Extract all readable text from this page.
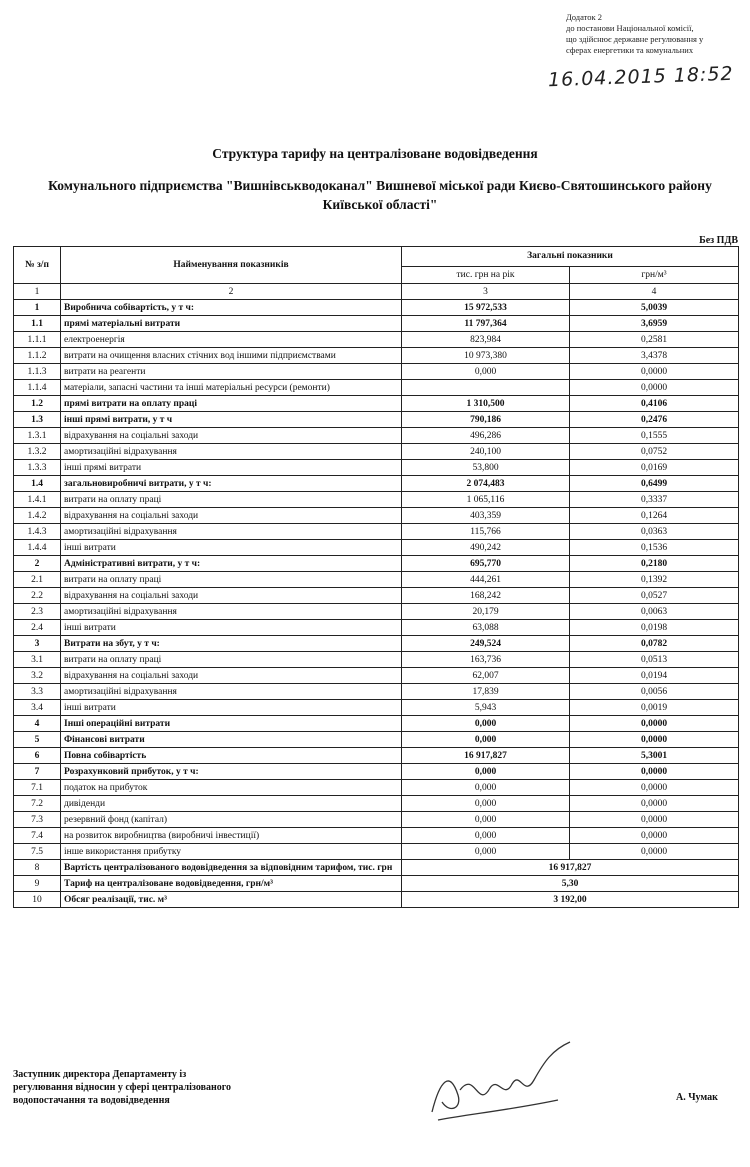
Додаток 2
до постанови Національної комісії,
що здійснює державне регулювання у
сферах енергетики та комунальних
16.04.2015 18:52
Структура тарифу на централізоване водовідведення
Комунального підприємства "Вишнівськводоканал" Вишневої міської ради Києво-Святошинського району Київської області"
Без ПДВ
№ з/п	Найменування показників	Загальні показники	
		тис. грн на рік	грн/м³
1	2	3	4
1	Виробнича собівартість, у т ч:	15 972,533	5,0039
1.1	прямі матеріальні витрати	11 797,364	3,6959
1.1.1	електроенергія	823,984	0,2581
1.1.2	витрати на очищення власних стічних вод іншими підприємствами	10 973,380	3,4378
1.1.3	витрати на реагенти	0,000	0,0000
1.1.4	матеріали, запасні частини та інші матеріальні ресурси (ремонти)		0,0000
1.2	прямі витрати на оплату праці	1 310,500	0,4106
1.3	інші прямі витрати, у т ч	790,186	0,2476
1.3.1	відрахування на соціальні заходи	496,286	0,1555
1.3.2	амортизаційні відрахування	240,100	0,0752
1.3.3	інші прямі витрати	53,800	0,0169
1.4	загальновиробничі витрати, у т ч:	2 074,483	0,6499
1.4.1	витрати на оплату праці	1 065,116	0,3337
1.4.2	відрахування на соціальні заходи	403,359	0,1264
1.4.3	амортизаційні відрахування	115,766	0,0363
1.4.4	інші витрати	490,242	0,1536
2	Адміністративні витрати, у т ч:	695,770	0,2180
2.1	витрати на оплату праці	444,261	0,1392
2.2	відрахування на соціальні заходи	168,242	0,0527
2.3	амортизаційні відрахування	20,179	0,0063
2.4	інші витрати	63,088	0,0198
3	Витрати на збут, у т ч:	249,524	0,0782
3.1	витрати на оплату праці	163,736	0,0513
3.2	відрахування на соціальні заходи	62,007	0,0194
3.3	амортизаційні відрахування	17,839	0,0056
3.4	інші витрати	5,943	0,0019
4	Інші операційні витрати	0,000	0,0000
5	Фінансові витрати	0,000	0,0000
6	Повна собівартість	16 917,827	5,3001
7	Розрахунковий прибуток, у т ч:	0,000	0,0000
7.1	податок на прибуток	0,000	0,0000
7.2	дивіденди	0,000	0,0000
7.3	резервний фонд (капітал)	0,000	0,0000
7.4	на розвиток виробництва (виробничі інвестиції)	0,000	0,0000
7.5	інше використання прибутку	0,000	0,0000
8	Вартість централізованого водовідведення за відповідним тарифом, тис. грн	16 917,827	
9	Тариф на централізоване водовідведення, грн/м³	5,30	
10	Обсяг реалізації, тис. м³	3 192,00	
Заступник директора Департаменту із
регулювання відносин у сфері централізованого
водопостачання та водовідведення	А. Чумак
